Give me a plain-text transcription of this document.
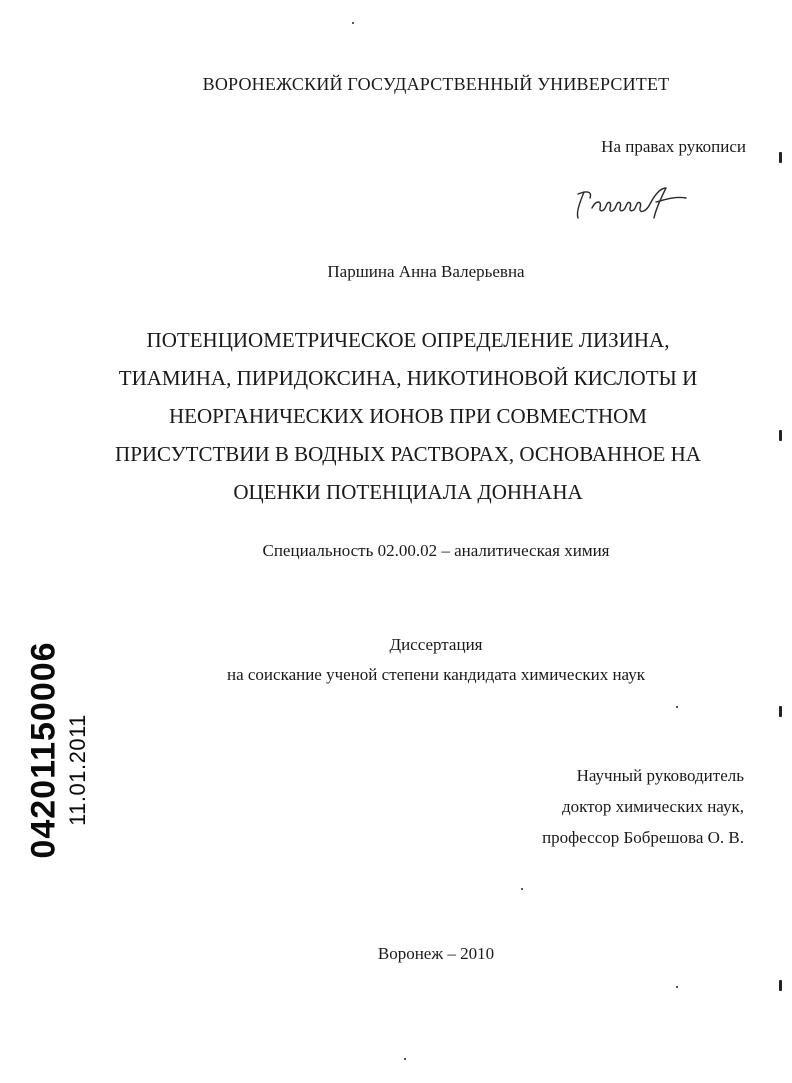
ВОРОНЕЖСКИЙ ГОСУДАРСТВЕННЫЙ УНИВЕРСИТЕТ
На правах рукописи
Паршина Анна Валерьевна
ПОТЕНЦИОМЕТРИЧЕСКОЕ ОПРЕДЕЛЕНИЕ ЛИЗИНА,
ТИАМИНА, ПИРИДОКСИНА, НИКОТИНОВОЙ КИСЛОТЫ И
НЕОРГАНИЧЕСКИХ ИОНОВ ПРИ СОВМЕСТНОМ
ПРИСУТСТВИИ В ВОДНЫХ РАСТВОРАХ, ОСНОВАННОЕ НА
ОЦЕНКИ ПОТЕНЦИАЛА ДОННАНА
Специальность 02.00.02 – аналитическая химия
Диссертация
на соискание ученой степени кандидата химических наук
Научный руководитель
доктор химических наук,
профессор Бобрешова О. В.
Воронеж – 2010
04201150006 11.01.2011
